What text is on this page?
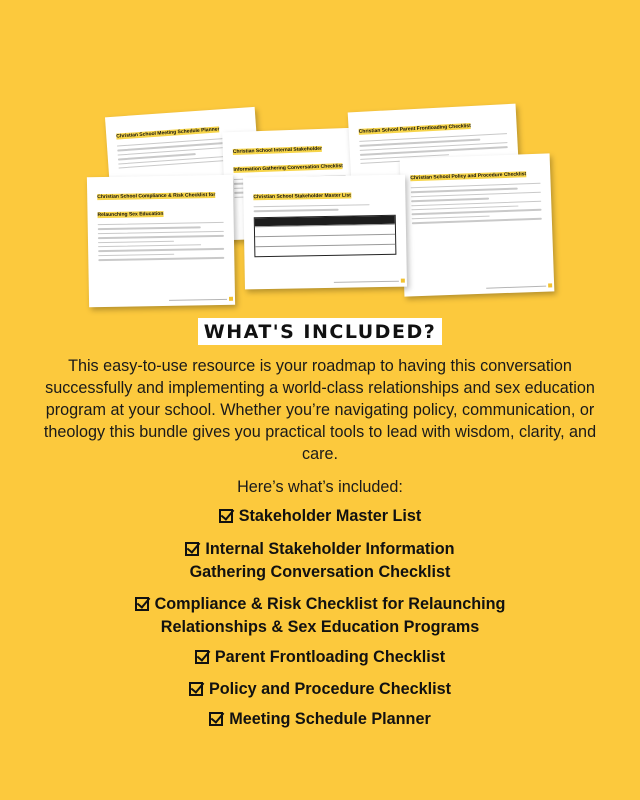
Christian School Meeting Schedule Planner
Christian School Internal Stakeholder Information Gathering Conversation Checklist
Christian School Parent Frontloading Checklist
Christian School Compliance & Risk Checklist for Relaunching Sex Education
Christian School Policy and Procedure Checklist
Christian School Stakeholder Master List
WHAT'S INCLUDED?

This easy-to-use resource is your roadmap to having this conversation successfully and implementing a world-class relationships and sex education program at your school. Whether you’re navigating policy, communication, or theology this bundle gives you practical tools to lead with wisdom, clarity, and care.

Here’s what’s included:
Stakeholder Master List
Internal Stakeholder Information
Gathering Conversation Checklist
Compliance & Risk Checklist for Relaunching
Relationships & Sex Education Programs
Parent Frontloading Checklist
Policy and Procedure Checklist
Meeting Schedule Planner
